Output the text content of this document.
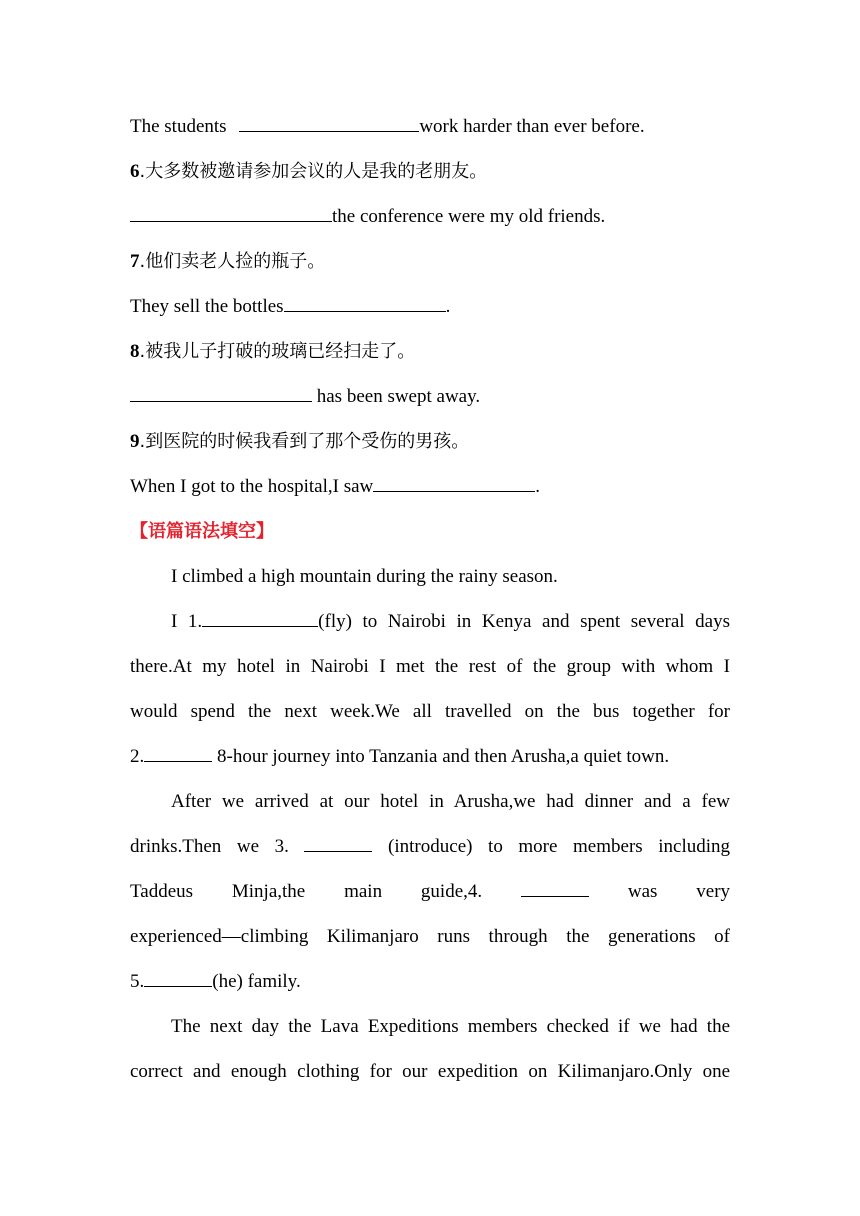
The students	work harder than ever before.
6.大多数被邀请参加会议的人是我的老朋友。
the conference were my old friends.
7.他们卖老人捡的瓶子。
They sell the bottles	.
8.被我儿子打破的玻璃已经扫走了。
has been swept away.
9.到医院的时候我看到了那个受伤的男孩。
When I got to the hospital,I saw	.
【语篇语法填空】
I climbed a high mountain during the rainy season.
I 1.	(fly) to Nairobi in Kenya and spent several days
there.At my hotel in Nairobi I met the rest of the group with whom I
would spend the next week.We all travelled on the bus together for
2.	8-hour journey into Tanzania and then Arusha,a quiet town.
After we arrived at our hotel in Arusha,we had dinner and a few
drinks.Then we 3.	(introduce) to more members including
Taddeus Minja,the main guide,4.	was very
experienced—climbing Kilimanjaro runs through the generations of
5.	(he) family.
The next day the Lava Expeditions members checked if we had the
correct and enough clothing for our expedition on Kilimanjaro.Only one
